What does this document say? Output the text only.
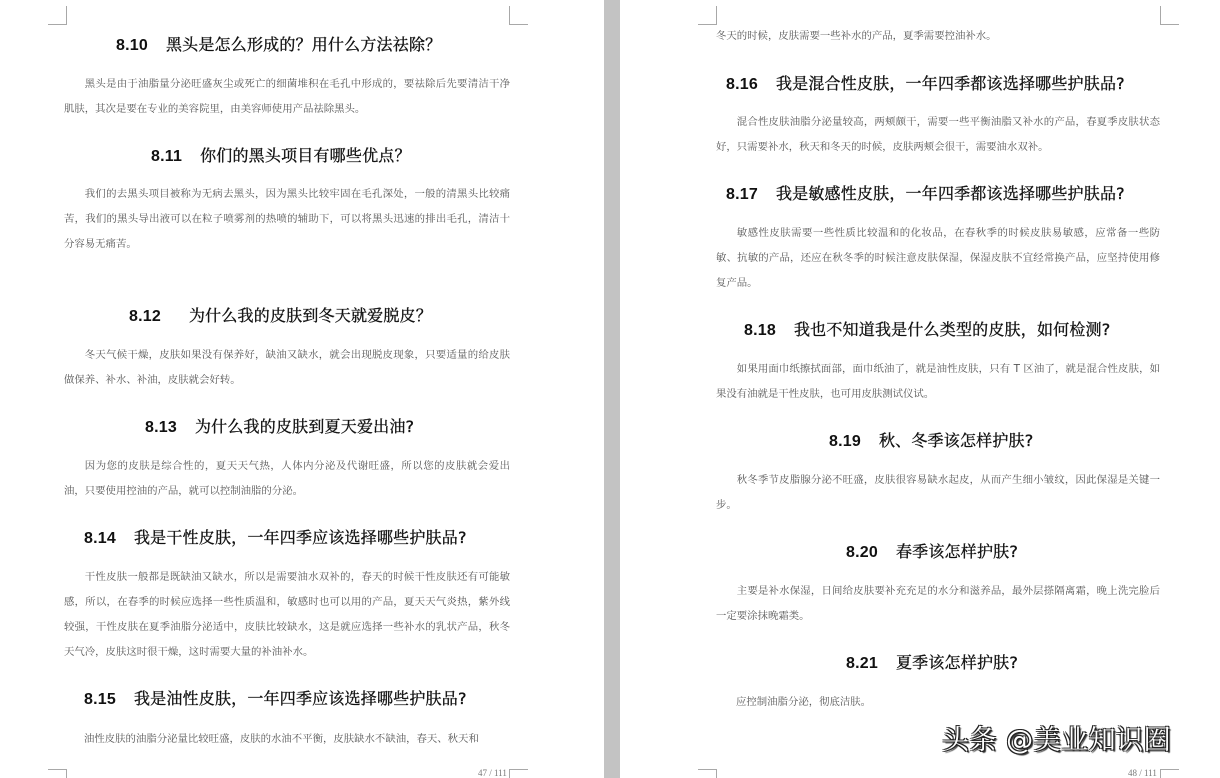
8.10 黑头是怎么形成的？用什么方法祛除？

黑头是由于油脂量分泌旺盛灰尘或死亡的细菌堆积在毛孔中形成的，要祛除后先要清洁干净肌肤，其次是要在专业的美容院里，由美容师使用产品祛除黑头。

8.11 你们的黑头项目有哪些优点？

我们的去黑头项目被称为无病去黑头，因为黑头比较牢固在毛孔深处，一般的清黑头比较痛苦，我们的黑头导出液可以在粒子喷雾剂的热喷的辅助下，可以将黑头迅速的排出毛孔，清洁十分容易无痛苦。

8.12 为什么我的皮肤到冬天就爱脱皮？

冬天气候干燥，皮肤如果没有保养好，缺油又缺水，就会出现脱皮现象，只要适量的给皮肤做保养、补水、补油，皮肤就会好转。

8.13 为什么我的皮肤到夏天爱出油?

因为您的皮肤是综合性的，夏天天气热，人体内分泌及代谢旺盛，所以您的皮肤就会爱出油，只要使用控油的产品，就可以控制油脂的分泌。

8.14 我是干性皮肤，一年四季应该选择哪些护肤品?

干性皮肤一般都是既缺油又缺水，所以是需要油水双补的，春天的时候干性皮肤还有可能敏感，所以，在春季的时候应选择一些性质温和，敏感时也可以用的产品，夏天天气炎热，紫外线较强，干性皮肤在夏季油脂分泌适中，皮肤比较缺水，这是就应选择一些补水的乳状产品，秋冬天气冷，皮肤这时很干燥，这时需要大量的补油补水。

8.15 我是油性皮肤，一年四季应该选择哪些护肤品?

油性皮肤的油脂分泌量比较旺盛，皮肤的水油不平衡，皮肤缺水不缺油，春天、秋天和

47 / 111

冬天的时候，皮肤需要一些补水的产品，夏季需要控油补水。

8.16 我是混合性皮肤，一年四季都该选择哪些护肤品?

混合性皮肤油脂分泌量较高，两颊颇干，需要一些平衡油脂又补水的产品，春夏季皮肤状态好，只需要补水，秋天和冬天的时候，皮肤两颊会很干，需要油水双补。

8.17 我是敏感性皮肤，一年四季都该选择哪些护肤品?

敏感性皮肤需要一些性质比较温和的化妆品，在春秋季的时候皮肤易敏感，应常备一些防敏、抗敏的产品，还应在秋冬季的时候注意皮肤保湿，保湿皮肤不宜经常换产品，应坚持使用修复产品。

8.18 我也不知道我是什么类型的皮肤，如何检测?

如果用面巾纸擦拭面部，面巾纸油了，就是油性皮肤，只有 T 区油了，就是混合性皮肤，如果没有油就是干性皮肤，也可用皮肤测试仪试。

8.19 秋、冬季该怎样护肤?

秋冬季节皮脂腺分泌不旺盛，皮肤很容易缺水起皮，从而产生细小皱纹，因此保湿是关键一步。

8.20 春季该怎样护肤?

主要是补水保湿，日间给皮肤要补充充足的水分和滋养品，最外层搽隔离霜，晚上洗完脸后一定要涂抹晚霜类。

8.21 夏季该怎样护肤?

应控制油脂分泌，彻底洁肤。

48 / 111
头条 @美业知识圈
